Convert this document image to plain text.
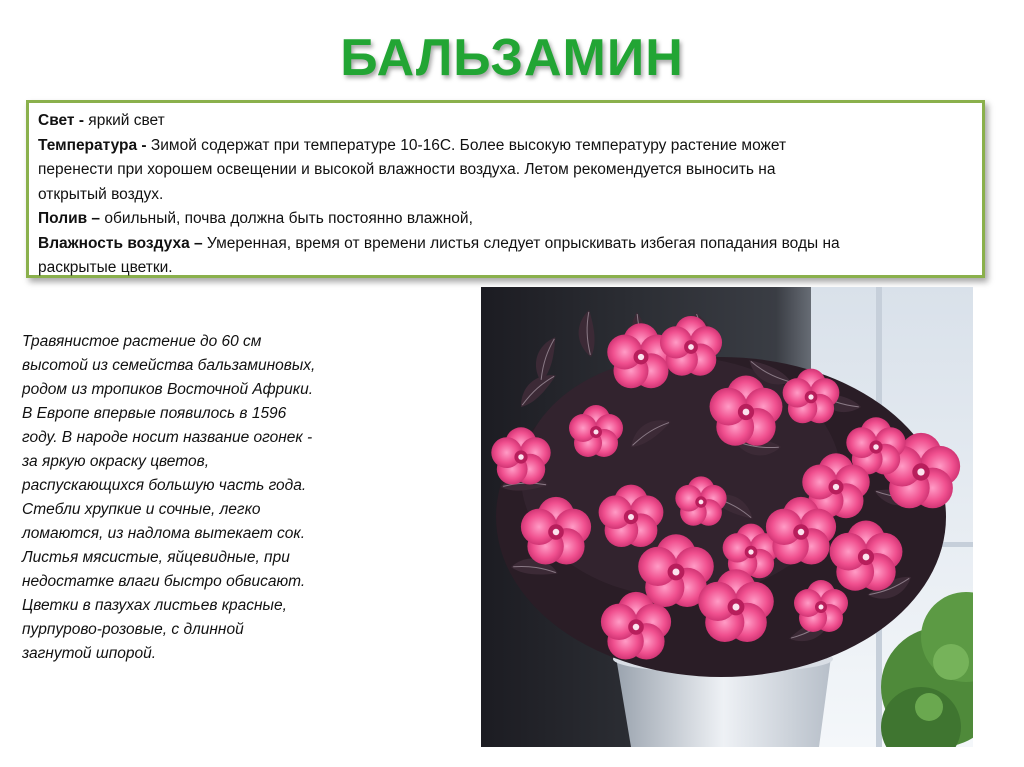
БАЛЬЗАМИН
Свет - яркий свет
Температура - Зимой содержат при температуре 10-16С. Более высокую температуру растение может
перенести при хорошем освещении и высокой влажности воздуха. Летом рекомендуется выносить на
открытый воздух.
Полив – обильный, почва должна быть постоянно влажной,
Влажность воздуха – Умеренная, время от времени листья следует опрыскивать избегая попадания воды на
раскрытые цветки.
Травянистое растение до 60 см
высотой из семейства бальзаминовых,
родом из тропиков Восточной Африки.
В Европе впервые появилось в 1596
году. В народе носит название огонек -
за яркую окраску цветов,
распускающихся большую часть года.
Стебли хрупкие и сочные, легко
ломаются, из надлома вытекает сок.
Листья мясистые, яйцевидные, при
недостатке влаги быстро обвисают.
Цветки в пазухах листьев красные,
пурпурово-розовые, с длинной
загнутой шпорой.
